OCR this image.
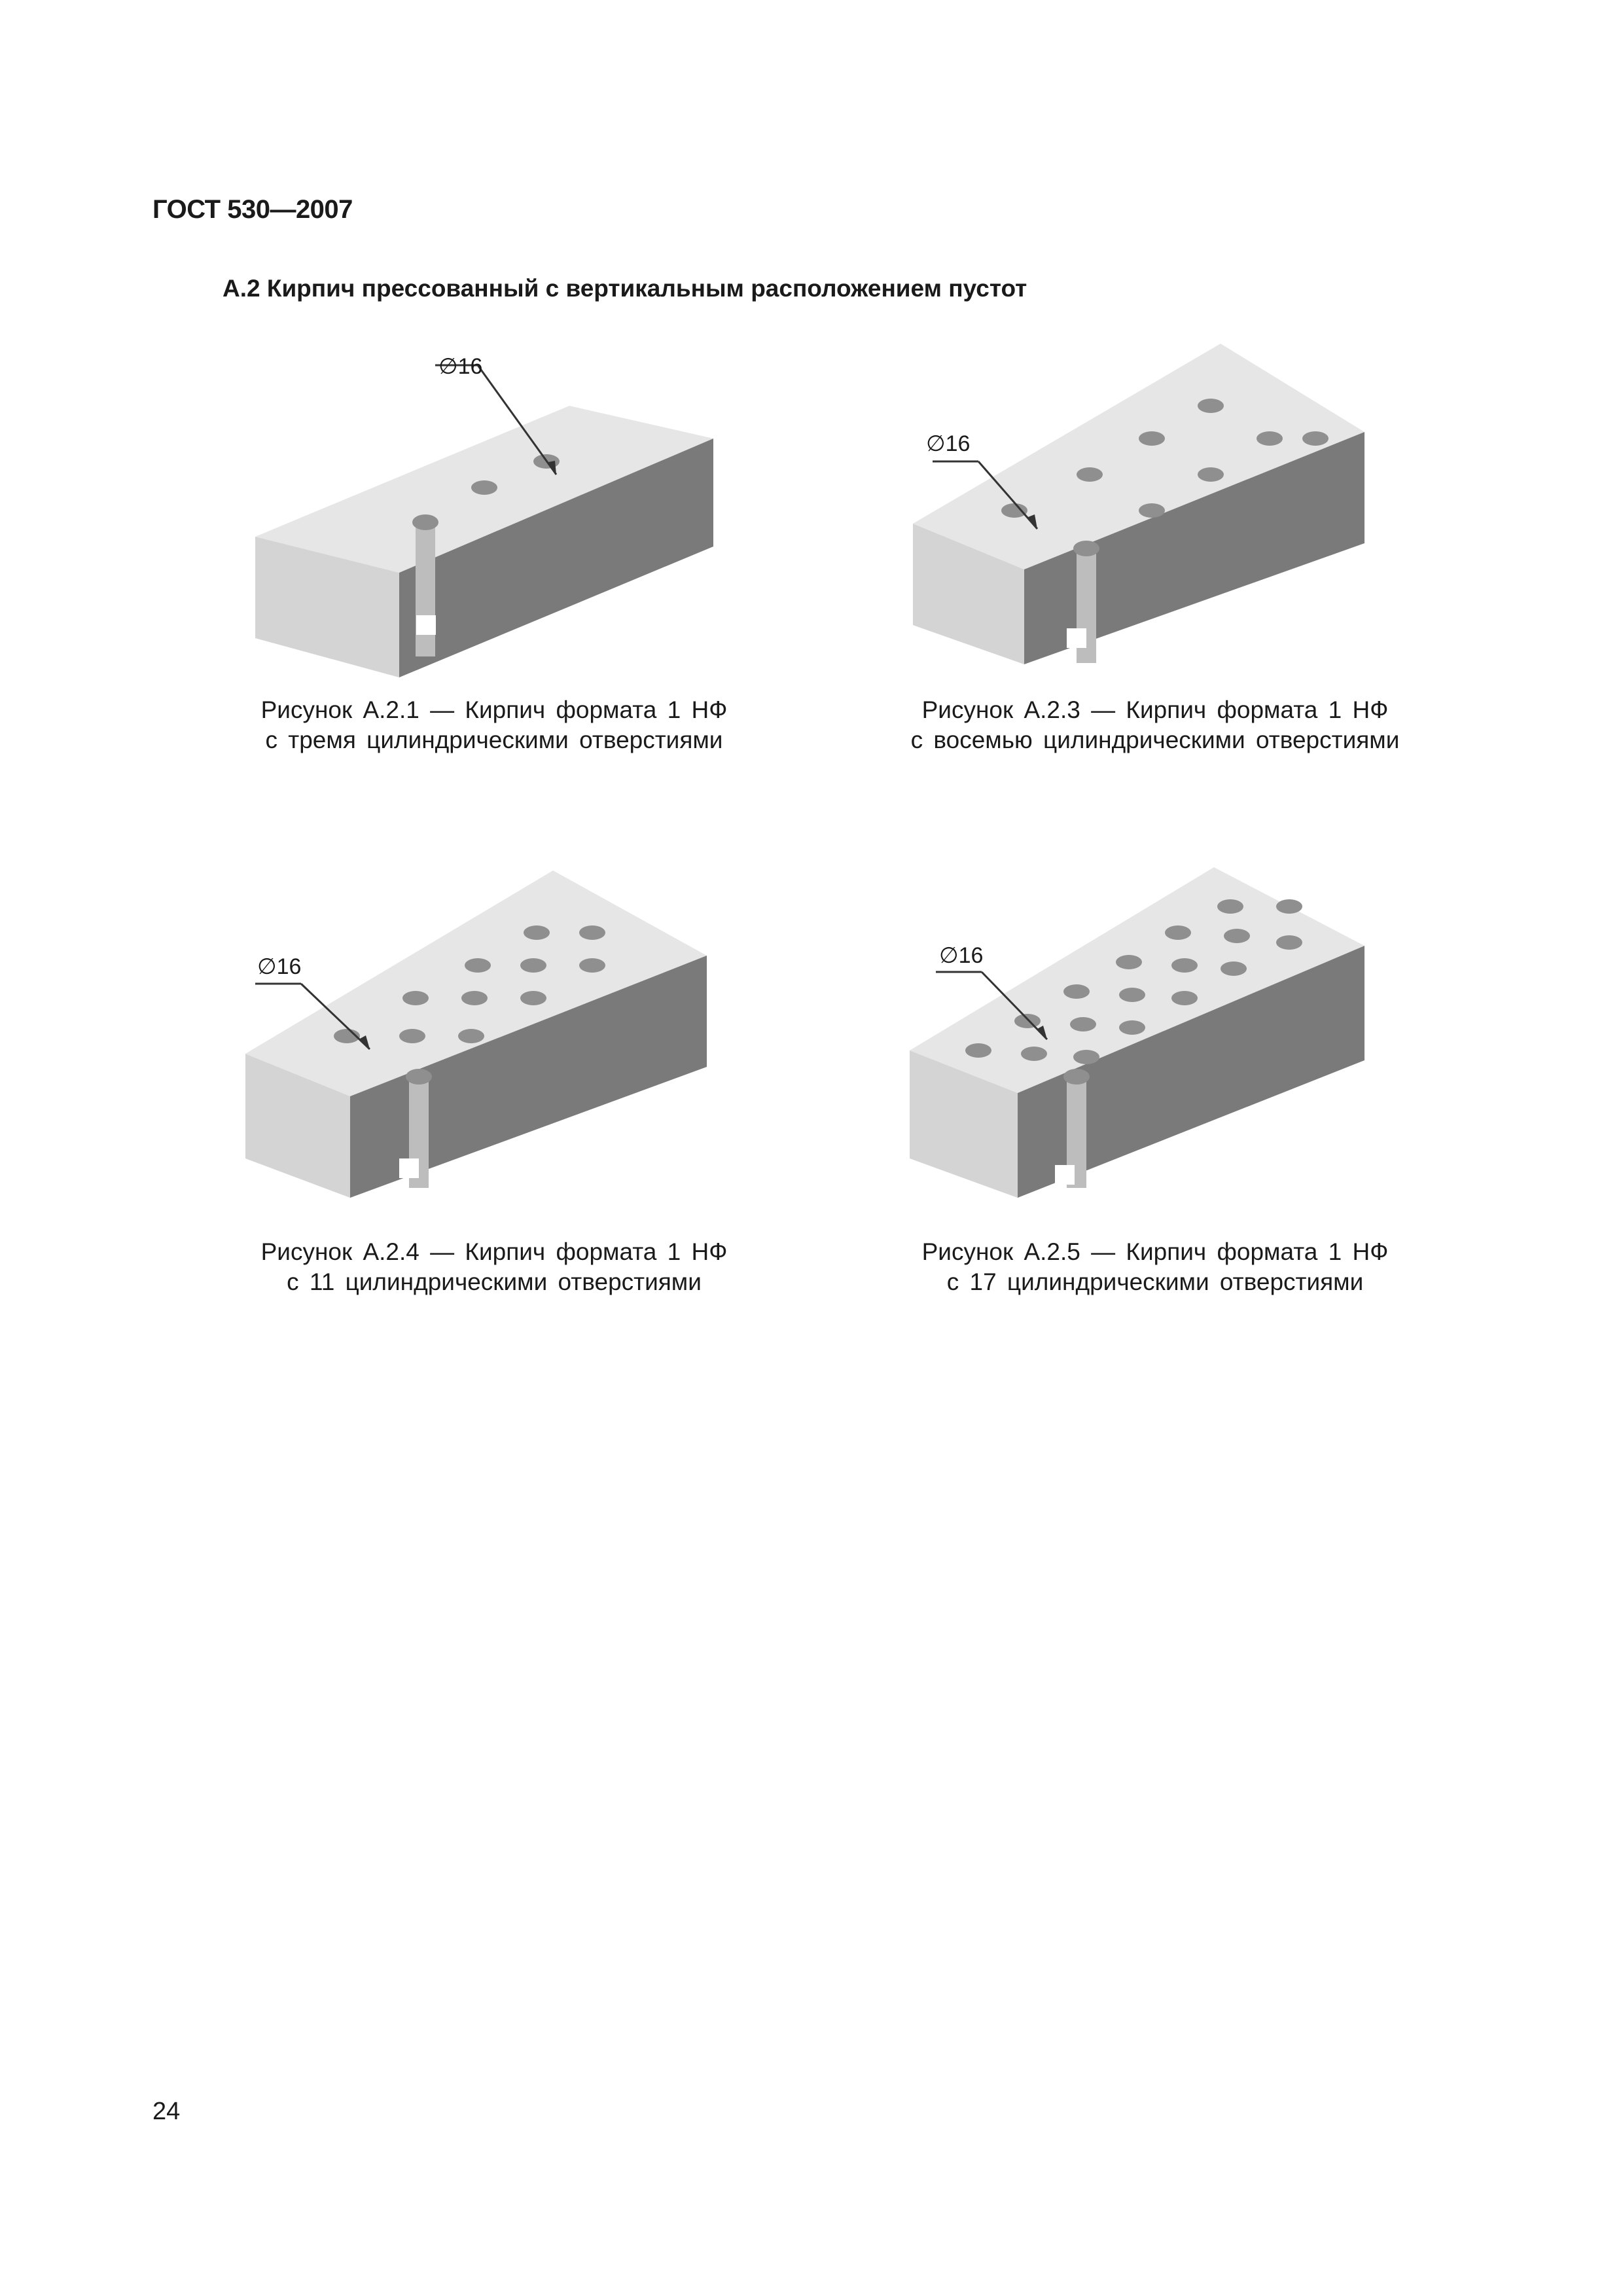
ГОСТ 530—2007
А.2 Кирпич прессованный с вертикальным расположением пустот
∅16
Рисунок А.2.1 — Кирпич формата 1 НФ
с тремя цилиндрическими отверстиями
∅16
Рисунок А.2.3 — Кирпич формата 1 НФ
с восемью цилиндрическими отверстиями
∅16
Рисунок А.2.4 — Кирпич формата 1 НФ
с 11 цилиндрическими отверстиями
∅16
Рисунок А.2.5 — Кирпич формата 1 НФ
с 17 цилиндрическими отверстиями
24
